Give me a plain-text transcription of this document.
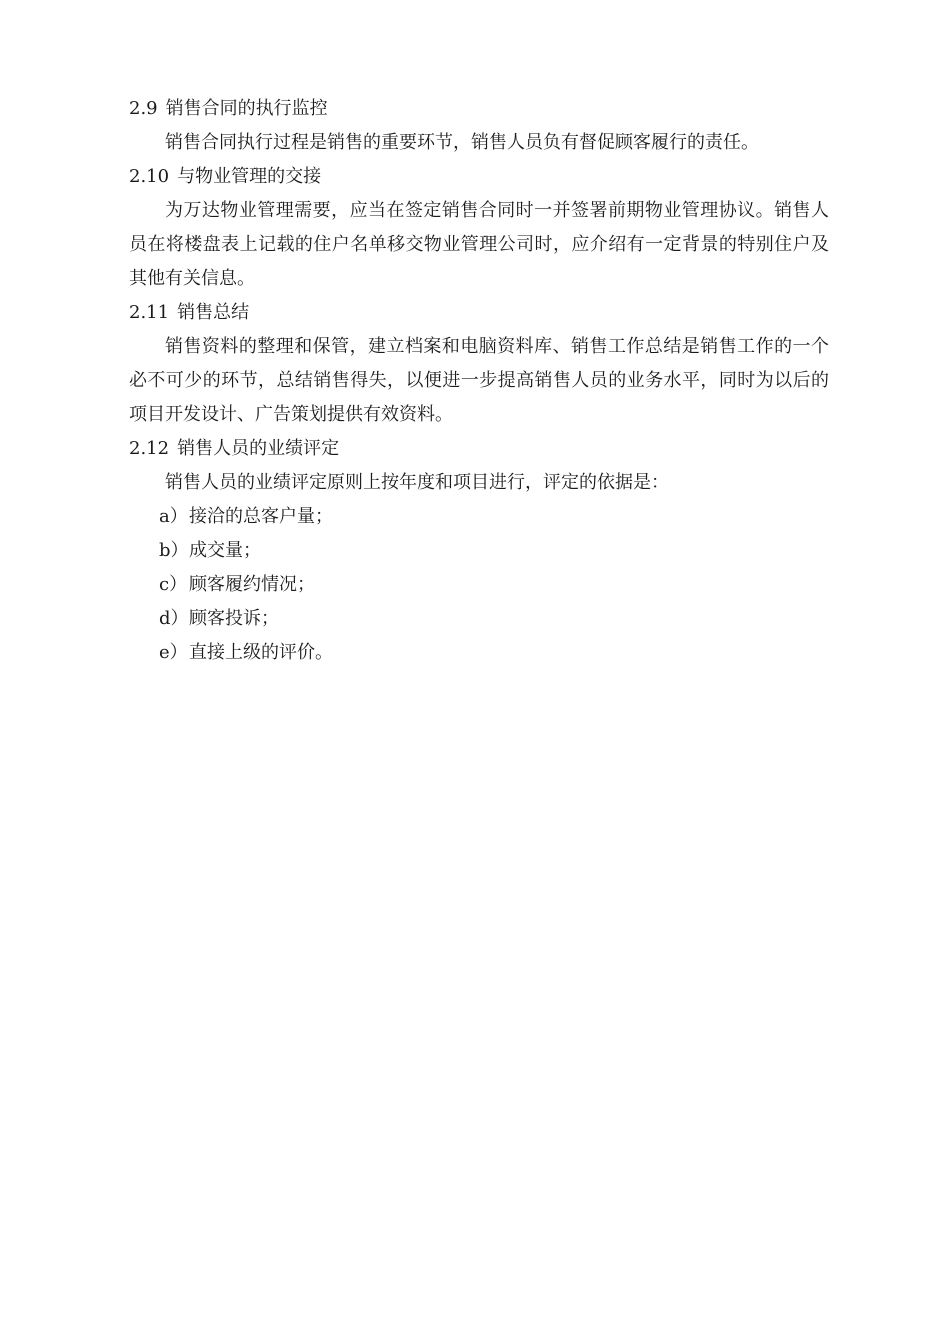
2.9 销售合同的执行监控

销售合同执行过程是销售的重要环节，销售人员负有督促顾客履行的责任。

2.10 与物业管理的交接

为万达物业管理需要，应当在签定销售合同时一并签署前期物业管理协议。销售人员在将楼盘表上记载的住户名单移交物业管理公司时，应介绍有一定背景的特别住户及其他有关信息。

2.11 销售总结

销售资料的整理和保管，建立档案和电脑资料库、销售工作总结是销售工作的一个必不可少的环节，总结销售得失，以便进一步提高销售人员的业务水平，同时为以后的项目开发设计、广告策划提供有效资料。

2.12 销售人员的业绩评定

销售人员的业绩评定原则上按年度和项目进行，评定的依据是：

a）接洽的总客户量；
b）成交量；
c） 顾客履约情况；
d）顾客投诉；
e）直接上级的评价。
